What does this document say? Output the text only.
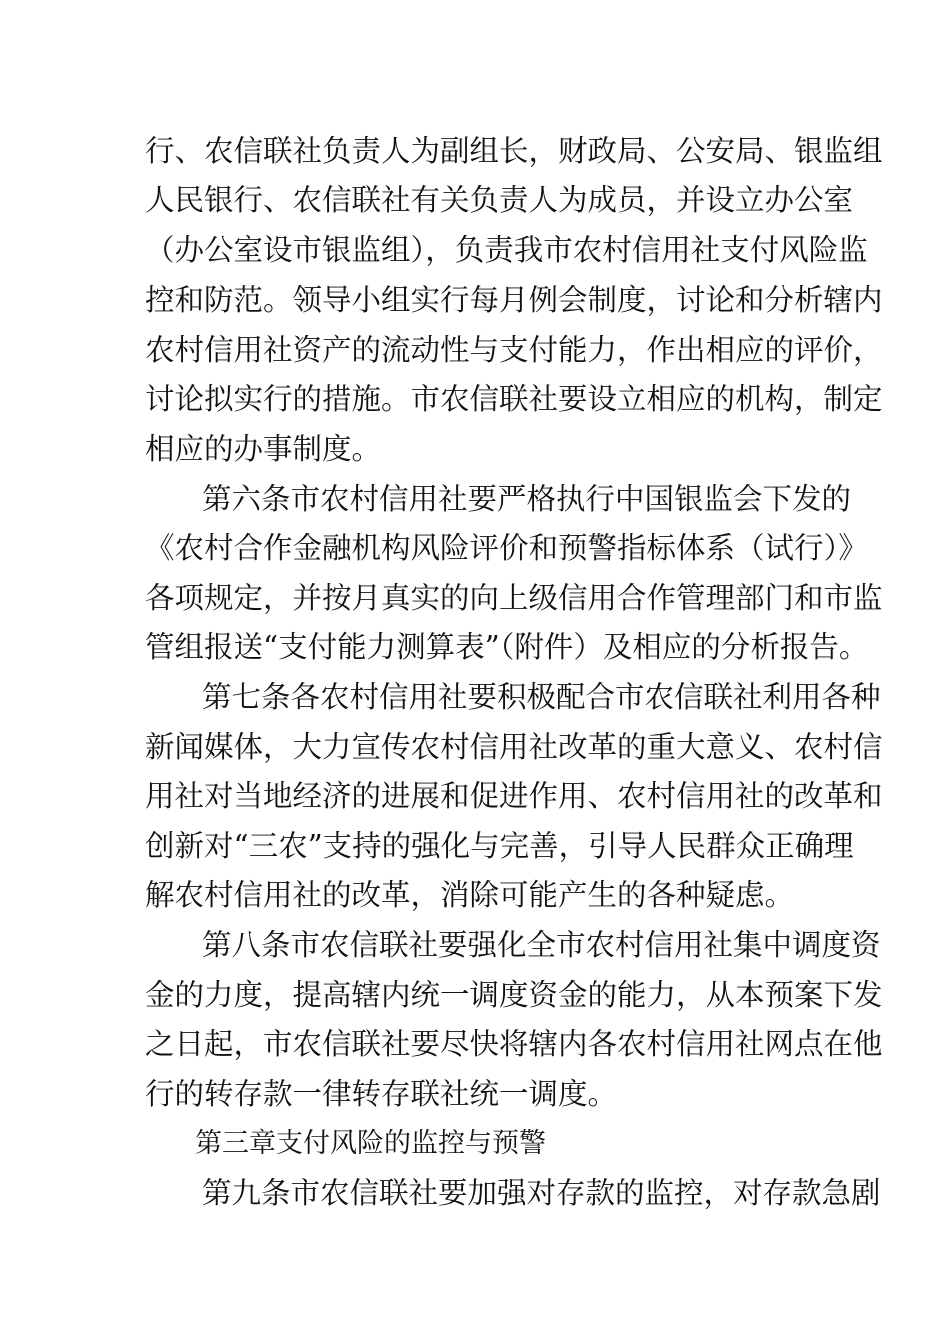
行、农信联社负责人为副组长，财政局、公安局、银监组
人民银行、农信联社有关负责人为成员，并设立办公室
（办公室设市银监组），负责我市农村信用社支付风险监
控和防范。领导小组实行每月例会制度，讨论和分析辖内
农村信用社资产的流动性与支付能力，作出相应的评价，
讨论拟实行的措施。市农信联社要设立相应的机构，制定
相应的办事制度。
第六条市农村信用社要严格执行中国银监会下发的
《农村合作金融机构风险评价和预警指标体系（试行）》
各项规定，并按月真实的向上级信用合作管理部门和市监
管组报送“支付能力测算表”（附件）及相应的分析报告。
第七条各农村信用社要积极配合市农信联社利用各种
新闻媒体，大力宣传农村信用社改革的重大意义、农村信
用社对当地经济的进展和促进作用、农村信用社的改革和
创新对“三农”支持的强化与完善，引导人民群众正确理
解农村信用社的改革，消除可能产生的各种疑虑。
第八条市农信联社要强化全市农村信用社集中调度资
金的力度，提高辖内统一调度资金的能力，从本预案下发
之日起，市农信联社要尽快将辖内各农村信用社网点在他
行的转存款一律转存联社统一调度。
第三章支付风险的监控与预警
第九条市农信联社要加强对存款的监控，对存款急剧
